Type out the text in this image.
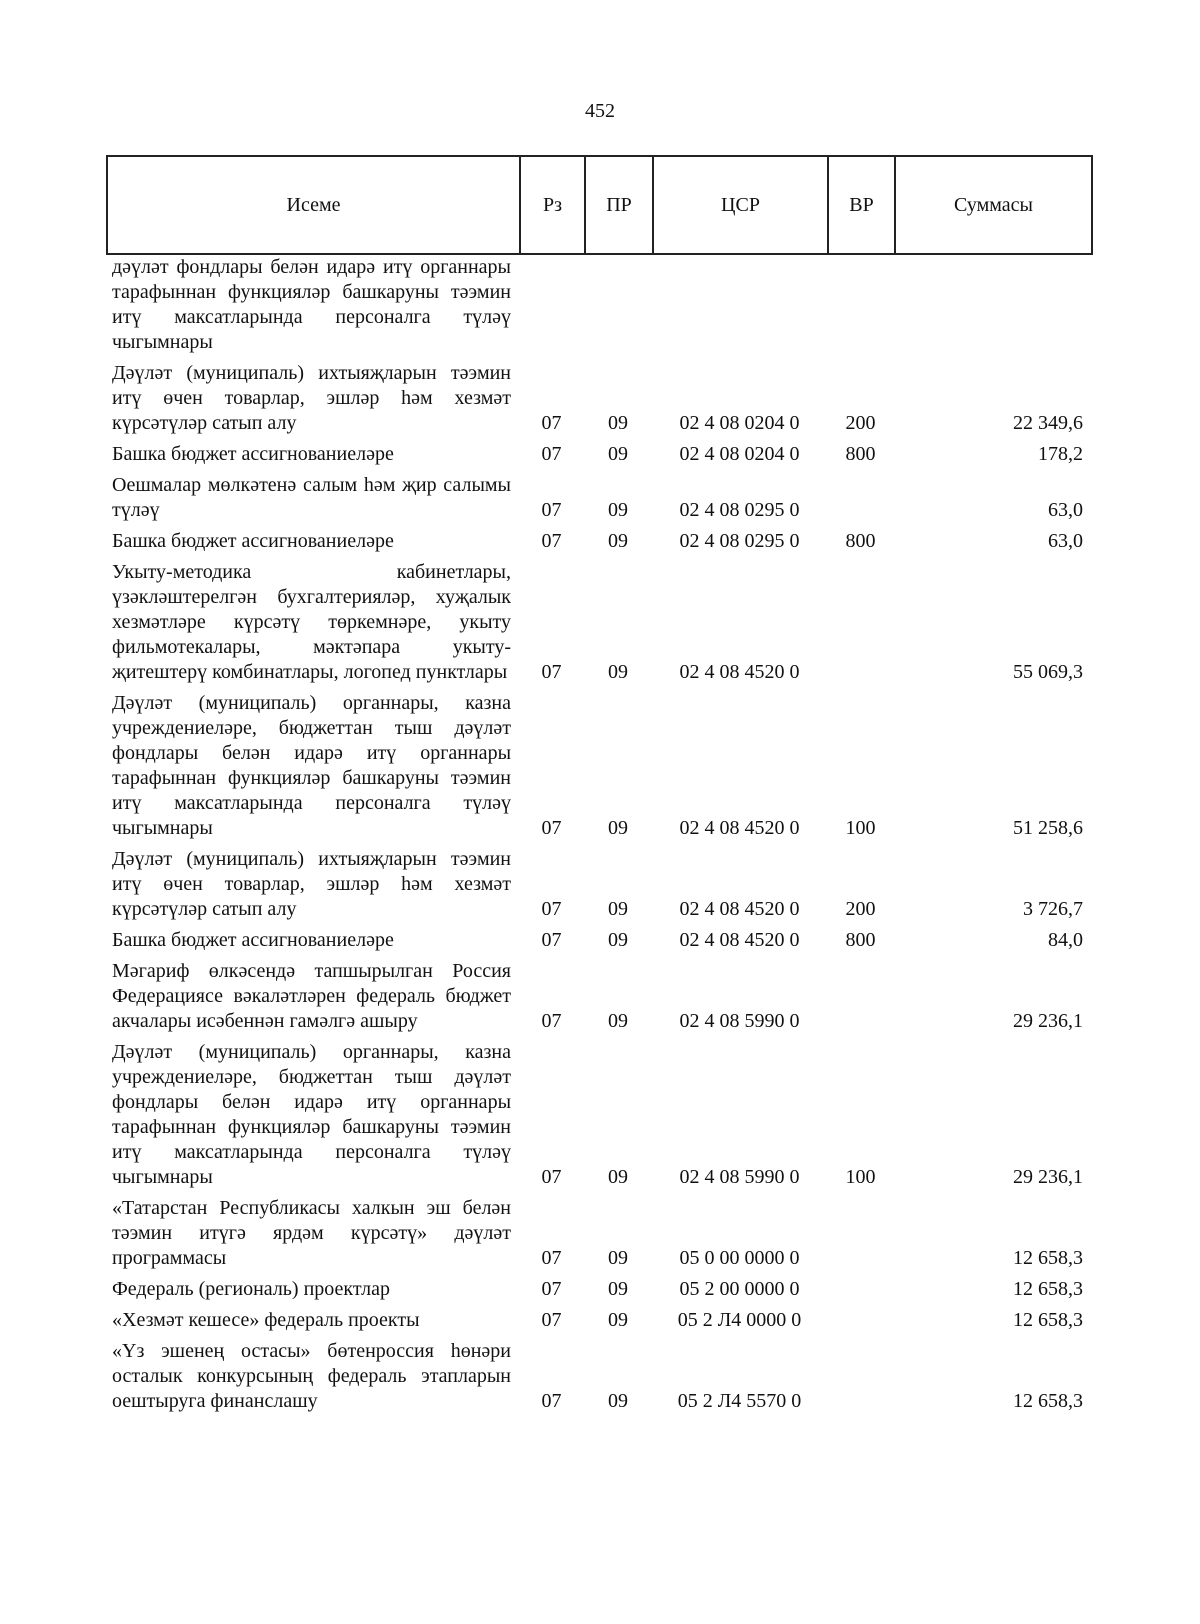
452
Исеме	Рз	ПР	ЦСР	ВР	Суммасы
дәүләт фондлары белән идарә итү органнары тарафыннан функцияләр башкаруны тәэмин итү максатларында персоналга түләү чыгымнары					
Дәүләт (муниципаль) ихтыяҗларын тәэмин итү өчен товарлар, эшләр һәм хезмәт күрсәтүләр сатып алу	07	09	02 4 08 0204 0	200	22 349,6
Башка бюджет ассигнованиеләре	07	09	02 4 08 0204 0	800	178,2
Оешмалар мөлкәтенә салым һәм җир салымы түләү	07	09	02 4 08 0295 0		63,0
Башка бюджет ассигнованиеләре	07	09	02 4 08 0295 0	800	63,0
Укыту-методика кабинетлары, үзәкләштерелгән бухгалтерияләр, хуҗалык хезмәтләре күрсәтү төркемнәре, укыту фильмотекалары, мәктәпара укыту-җитештерү комбинатлары, логопед пунктлары	07	09	02 4 08 4520 0		55 069,3
Дәүләт (муниципаль) органнары, казна учреждениеләре, бюджеттан тыш дәүләт фондлары белән идарә итү органнары тарафыннан функцияләр башкаруны тәэмин итү максатларында персоналга түләү чыгымнары	07	09	02 4 08 4520 0	100	51 258,6
Дәүләт (муниципаль) ихтыяҗларын тәэмин итү өчен товарлар, эшләр һәм хезмәт күрсәтүләр сатып алу	07	09	02 4 08 4520 0	200	3 726,7
Башка бюджет ассигнованиеләре	07	09	02 4 08 4520 0	800	84,0
Мәгариф өлкәсендә тапшырылган Россия Федерациясе вәкаләтләрен федераль бюджет акчалары исәбеннән гамәлгә ашыру	07	09	02 4 08 5990 0		29 236,1
Дәүләт (муниципаль) органнары, казна учреждениеләре, бюджеттан тыш дәүләт фондлары белән идарә итү органнары тарафыннан функцияләр башкаруны тәэмин итү максатларында персоналга түләү чыгымнары	07	09	02 4 08 5990 0	100	29 236,1
«Татарстан Республикасы халкын эш белән тәэмин итүгә ярдәм күрсәтү» дәүләт программасы	07	09	05 0 00 0000 0		12 658,3
Федераль (региональ) проектлар	07	09	05 2 00 0000 0		12 658,3
«Хезмәт кешесе» федераль проекты	07	09	05 2 Л4 0000 0		12 658,3
«Үз эшенең остасы» бөтенроссия һөнәри осталык конкурсының федераль этапларын оештыруга финанслашу	07	09	05 2 Л4 5570 0		12 658,3
